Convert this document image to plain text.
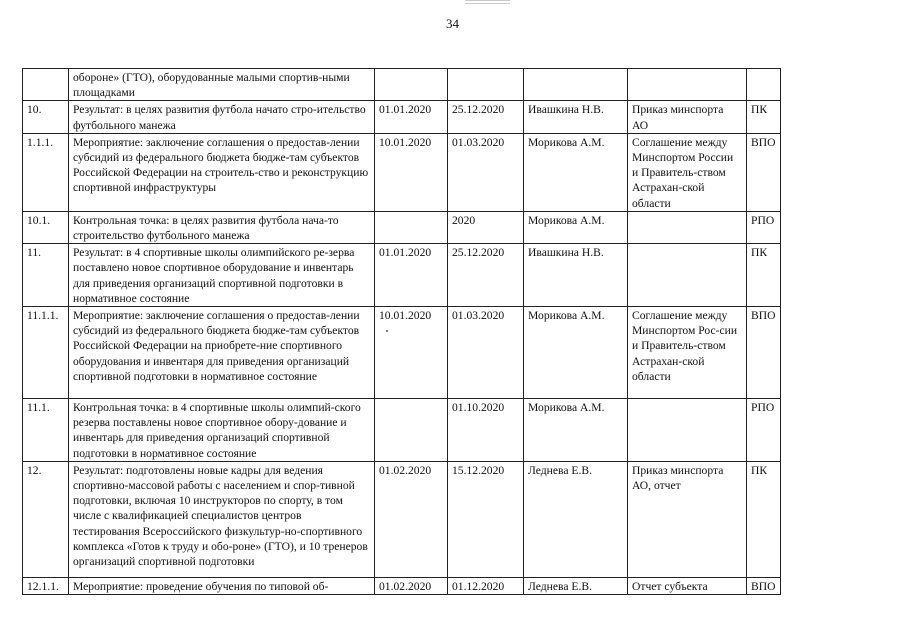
34
	обороне» (ГТО), оборудованные малыми спортив-ными площадками					
10.	Результат: в целях развития футбола начато стро-ительство футбольного манежа	01.01.2020	25.12.2020	Ивашкина Н.В.	Приказ минспорта АО	ПК
1.1.1.	Мероприятие: заключение соглашения о предостав-лении субсидий из федерального бюджета бюдже-там субъектов Российской Федерации на строитель-ство и реконструкцию спортивной инфраструктуры	10.01.2020	01.03.2020	Морикова А.М.	Соглашение между Минспортом России и Правитель-ством Астрахан-ской области	ВПО
10.1.	Контрольная точка: в целях развития футбола нача-то строительство футбольного манежа		2020	Морикова А.М.		РПО
11.	Результат: в 4 спортивные школы олимпийского ре-зерва поставлено новое спортивное оборудование и инвентарь для приведения организаций спортивной подготовки в нормативное состояние	01.01.2020	25.12.2020	Ивашкина Н.В.		ПК
11.1.1.	Мероприятие: заключение соглашения о предостав-лении субсидий из федерального бюджета бюдже-там субъектов Российской Федерации на приобрете-ние спортивного оборудования и инвентаря для приведения организаций спортивной подготовки в нормативное состояние	10.01.2020	01.03.2020	Морикова А.М.	Соглашение между Минспортом Рос-сии и Правитель-ством Астрахан-ской области	ВПО
11.1.	Контрольная точка: в 4 спортивные школы олимпий-ского резерва поставлены новое спортивное обору-дование и инвентарь для приведения организаций спортивной подготовки в нормативное состояние		01.10.2020	Морикова А.М.		РПО
12.	Результат: подготовлены новые кадры для ведения спортивно-массовой работы с населением и спор-тивной подготовки, включая 10 инструкторов по спорту, в том числе с квалификацией специалистов центров тестирования Всероссийского физкультур-но-спортивного комплекса «Готов к труду и обо-роне» (ГТО), и 10 тренеров организаций спортивной подготовки	01.02.2020	15.12.2020	Леднева Е.В.	Приказ минспорта АО, отчет	ПК
12.1.1.	Мероприятие: проведение обучения по типовой об-	01.02.2020	01.12.2020	Леднева Е.В.	Отчет субъекта	ВПО
